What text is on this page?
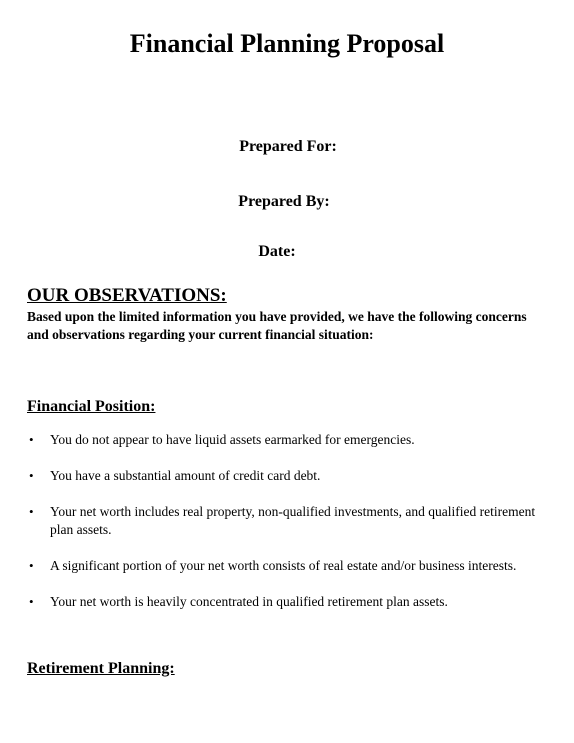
Financial Planning Proposal
Prepared For:
Prepared By:
Date:
OUR OBSERVATIONS:
Based upon the limited information you have provided, we have the following concerns and observations regarding your current financial situation:
Financial Position:
• You do not appear to have liquid assets earmarked for emergencies.
• You have a substantial amount of credit card debt.
• Your net worth includes real property, non-qualified investments, and qualified retirement plan assets.
• A significant portion of your net worth consists of real estate and/or business interests.
• Your net worth is heavily concentrated in qualified retirement plan assets.
Retirement Planning:
